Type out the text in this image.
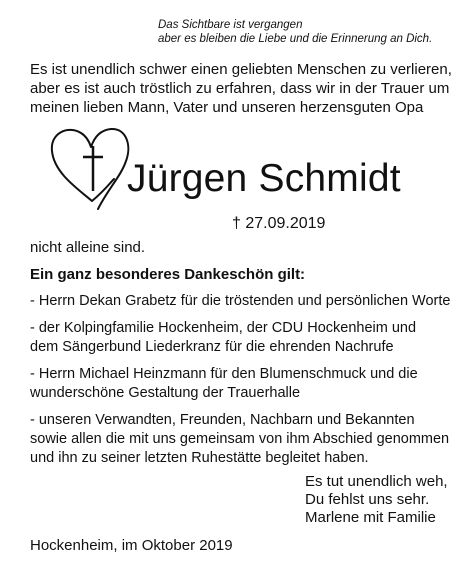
Das Sichtbare ist vergangen
aber es bleiben die Liebe und die Erinnerung an Dich.
Es ist unendlich schwer einen geliebten Menschen zu verlieren,
aber es ist auch tröstlich zu erfahren, dass wir in der Trauer um
meinen lieben Mann, Vater und unseren herzensguten Opa
Jürgen Schmidt
† 27.09.2019
nicht alleine sind.
Ein ganz besonderes Dankeschön gilt:
- Herrn Dekan Grabetz für die tröstenden und persönlichen Worte
- der Kolpingfamilie Hockenheim, der CDU Hockenheim und
dem Sängerbund Liederkranz für die ehrenden Nachrufe
- Herrn Michael Heinzmann für den Blumenschmuck und die
wunderschöne Gestaltung der Trauerhalle
- unseren Verwandten, Freunden, Nachbarn und Bekannten
sowie allen die mit uns gemeinsam von ihm Abschied genommen
und ihn zu seiner letzten Ruhestätte begleitet haben.
Es tut unendlich weh,
Du fehlst uns sehr.
Marlene mit Familie
Hockenheim, im Oktober 2019
